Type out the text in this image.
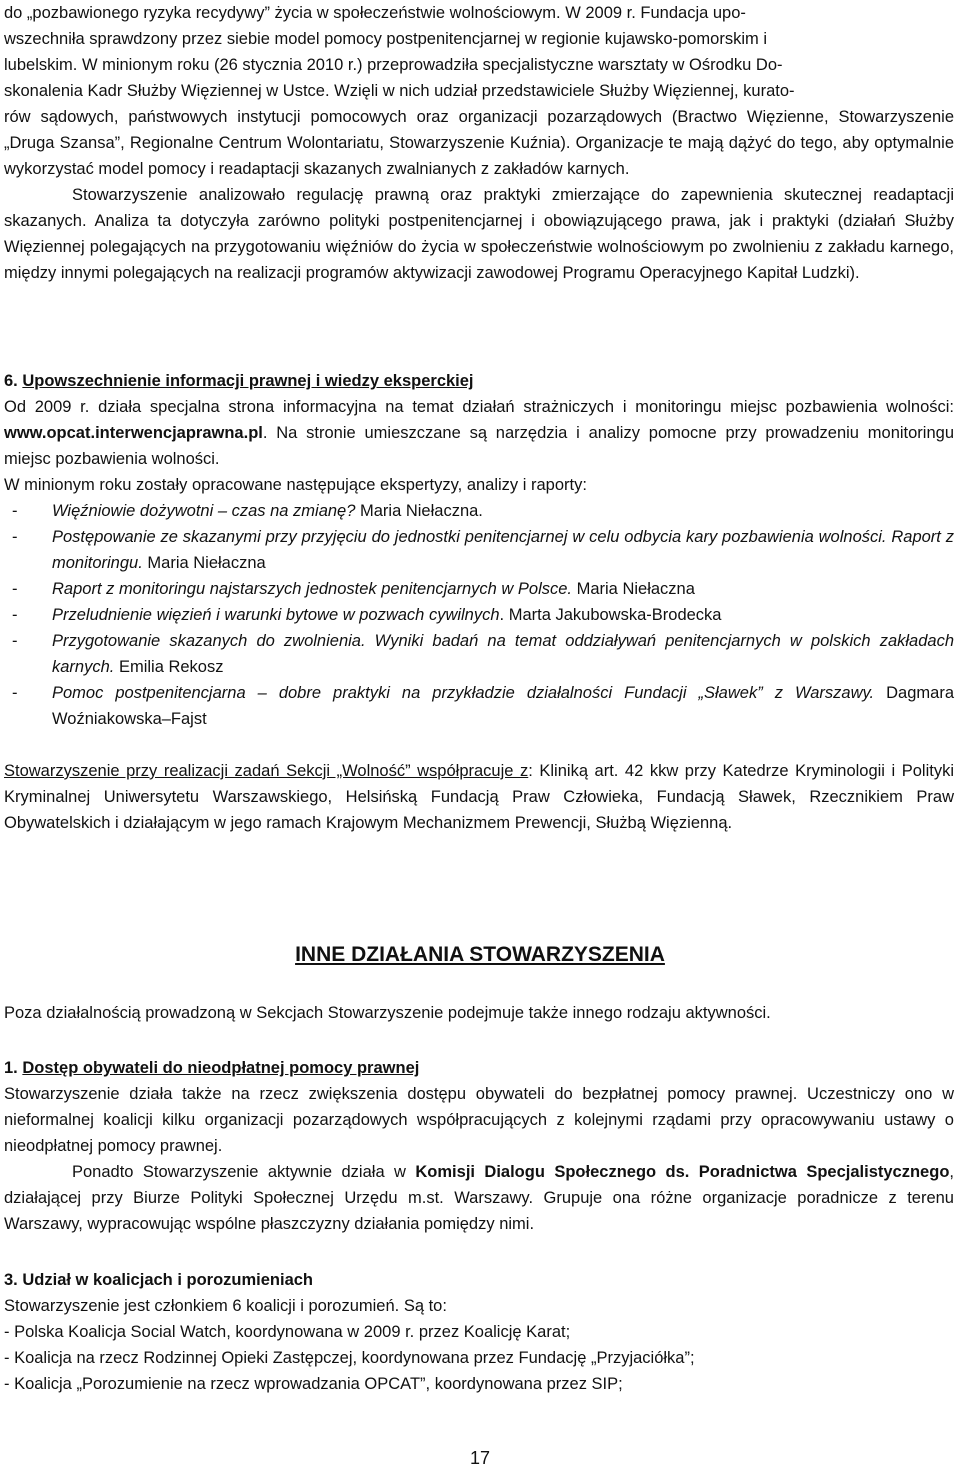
do „pozbawionego ryzyka recydywy” życia w społeczeństwie wolnościowym. W 2009 r. Fundacja upo-
wszechniła sprawdzony przez siebie model pomocy postpenitencjarnej w regionie kujawsko-pomorskim i
lubelskim. W minionym roku (26 stycznia 2010 r.) przeprowadziła specjalistyczne warsztaty w Ośrodku Do-
skonalenia Kadr Służby Więziennej w Ustce. Wzięli w nich udział przedstawiciele Służby Więziennej, kurato-

rów sądowych, państwowych instytucji pomocowych oraz organizacji pozarządowych (Bractwo Więzienne, Stowarzyszenie „Druga Szansa”, Regionalne Centrum Wolontariatu, Stowarzyszenie Kuźnia). Organizacje te mają dążyć do tego, aby optymalnie wykorzystać model pomocy i readaptacji skazanych zwalnianych z zakładów karnych.

Stowarzyszenie analizowało regulację prawną oraz praktyki zmierzające do zapewnienia skutecznej readaptacji skazanych. Analiza ta dotyczyła zarówno polityki postpenitencjarnej i obowiązującego prawa, jak i praktyki (działań Służby Więziennej polegających na przygotowaniu więźniów do życia w społeczeństwie wolnościowym po zwolnieniu z zakładu karnego, między innymi polegających na realizacji programów aktywizacji zawodowej Programu Operacyjnego Kapitał Ludzki).

6. Upowszechnienie informacji prawnej i wiedzy eksperckiej

Od 2009 r. działa specjalna strona informacyjna na temat działań strażniczych i monitoringu miejsc pozbawienia wolności: www.opcat.interwencjaprawna.pl. Na stronie umieszczane są narzędzia i analizy pomocne przy prowadzeniu monitoringu miejsc pozbawienia wolności.

W minionym roku zostały opracowane następujące ekspertyzy, analizy i raporty:

- Więźniowie dożywotni – czas na zmianę? Maria Niełaczna.
- Postępowanie ze skazanymi przy przyjęciu do jednostki penitencjarnej w celu odbycia kary pozbawienia wolności. Raport z monitoringu. Maria Niełaczna
- Raport z monitoringu najstarszych jednostek penitencjarnych w Polsce. Maria Niełaczna
- Przeludnienie więzień i warunki bytowe w pozwach cywilnych. Marta Jakubowska-Brodecka
- Przygotowanie skazanych do zwolnienia. Wyniki badań na temat oddziaływań penitencjarnych w polskich zakładach karnych. Emilia Rekosz
- Pomoc postpenitencjarna – dobre praktyki na przykładzie działalności Fundacji „Sławek” z Warszawy. Dagmara Woźniakowska–Fajst

Stowarzyszenie przy realizacji zadań Sekcji „Wolność” współpracuje z: Kliniką art. 42 kkw przy Katedrze Kryminologii i Polityki Kryminalnej Uniwersytetu Warszawskiego, Helsińską Fundacją Praw Człowieka, Fundacją Sławek, Rzecznikiem Praw Obywatelskich i działającym w jego ramach Krajowym Mechanizmem Prewencji, Służbą Więzienną.

INNE DZIAŁANIA STOWARZYSZENIA

Poza działalnością prowadzoną w Sekcjach Stowarzyszenie podejmuje także innego rodzaju aktywności.

1. Dostęp obywateli do nieodpłatnej pomocy prawnej

Stowarzyszenie działa także na rzecz zwiększenia dostępu obywateli do bezpłatnej pomocy prawnej. Uczestniczy ono w nieformalnej koalicji kilku organizacji pozarządowych współpracujących z kolejnymi rządami przy opracowywaniu ustawy o nieodpłatnej pomocy prawnej.

Ponadto Stowarzyszenie aktywnie działa w Komisji Dialogu Społecznego ds. Poradnictwa Specjalistycznego, działającej przy Biurze Polityki Społecznej Urzędu m.st. Warszawy. Grupuje ona różne organizacje poradnicze z terenu Warszawy, wypracowując wspólne płaszczyzny działania pomiędzy nimi.

3. Udział w koalicjach i porozumieniach

Stowarzyszenie jest członkiem 6 koalicji i porozumień. Są to:

- Polska Koalicja Social Watch, koordynowana w 2009 r. przez Koalicję Karat;
- Koalicja na rzecz Rodzinnej Opieki Zastępczej, koordynowana przez Fundację „Przyjaciółka”;
- Koalicja „Porozumienie na rzecz wprowadzania OPCAT”, koordynowana przez SIP;
17
